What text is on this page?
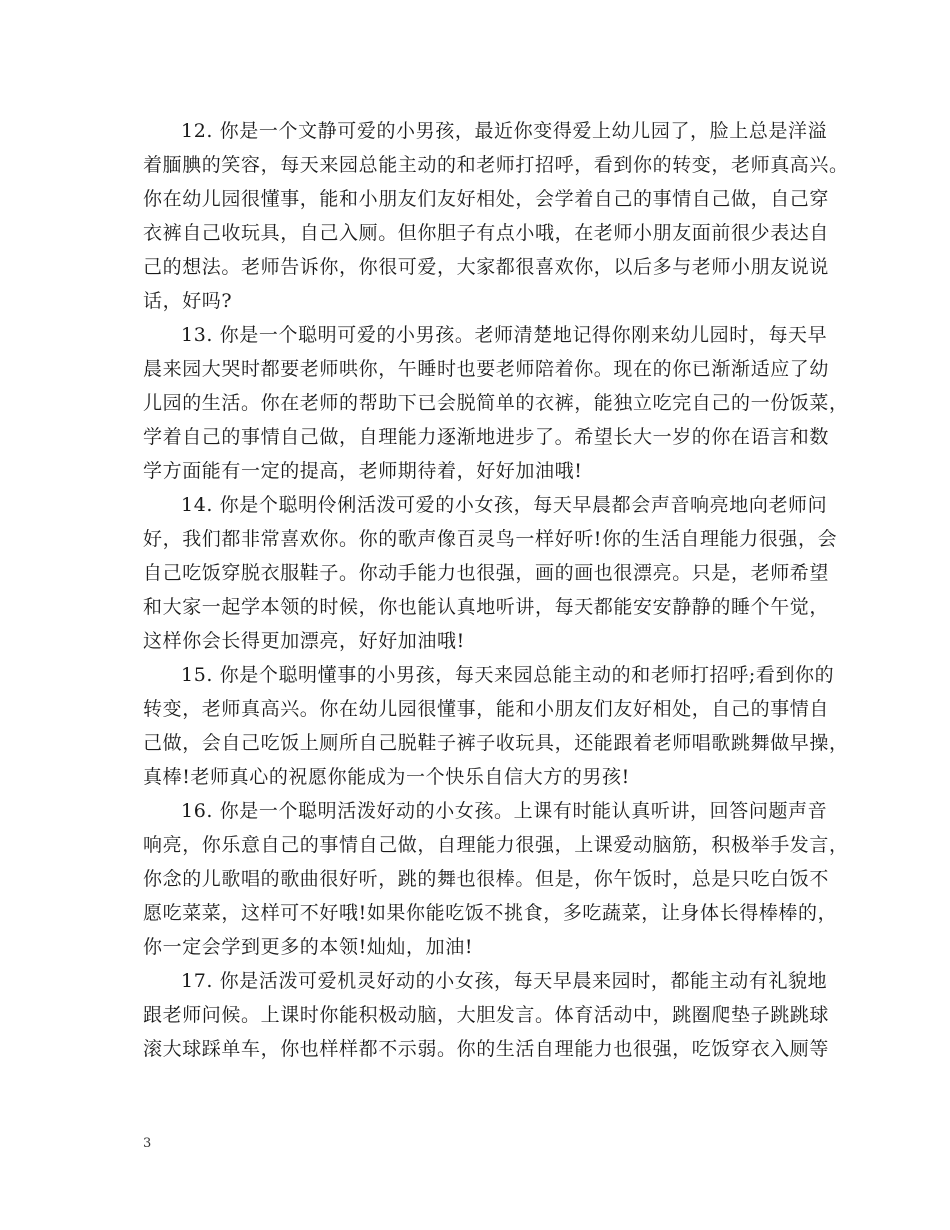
12. 你是一个文静可爱的小男孩，最近你变得爱上幼儿园了，脸上总是洋溢
着腼腆的笑容，每天来园总能主动的和老师打招呼，看到你的转变，老师真高兴。
你在幼儿园很懂事，能和小朋友们友好相处，会学着自己的事情自己做，自己穿
衣裤自己收玩具，自己入厕。但你胆子有点小哦，在老师小朋友面前很少表达自
己的想法。老师告诉你，你很可爱，大家都很喜欢你，以后多与老师小朋友说说
话，好吗?
13. 你是一个聪明可爱的小男孩。老师清楚地记得你刚来幼儿园时，每天早
晨来园大哭时都要老师哄你，午睡时也要老师陪着你。现在的你已渐渐适应了幼
儿园的生活。你在老师的帮助下已会脱简单的衣裤，能独立吃完自己的一份饭菜，
学着自己的事情自己做，自理能力逐渐地进步了。希望长大一岁的你在语言和数
学方面能有一定的提高，老师期待着，好好加油哦!
14. 你是个聪明伶俐活泼可爱的小女孩，每天早晨都会声音响亮地向老师问
好，我们都非常喜欢你。你的歌声像百灵鸟一样好听!你的生活自理能力很强，会
自己吃饭穿脱衣服鞋子。你动手能力也很强，画的画也很漂亮。只是，老师希望
和大家一起学本领的时候，你也能认真地听讲，每天都能安安静静的睡个午觉，
这样你会长得更加漂亮，好好加油哦!
15. 你是个聪明懂事的小男孩，每天来园总能主动的和老师打招呼;看到你的
转变，老师真高兴。你在幼儿园很懂事，能和小朋友们友好相处，自己的事情自
己做，会自己吃饭上厕所自己脱鞋子裤子收玩具，还能跟着老师唱歌跳舞做早操，
真棒!老师真心的祝愿你能成为一个快乐自信大方的男孩!
16. 你是一个聪明活泼好动的小女孩。上课有时能认真听讲，回答问题声音
响亮，你乐意自己的事情自己做，自理能力很强，上课爱动脑筋，积极举手发言，
你念的儿歌唱的歌曲很好听，跳的舞也很棒。但是，你午饭时，总是只吃白饭不
愿吃菜菜，这样可不好哦!如果你能吃饭不挑食，多吃蔬菜，让身体长得棒棒的，
你一定会学到更多的本领!灿灿，加油!
17. 你是活泼可爱机灵好动的小女孩，每天早晨来园时，都能主动有礼貌地
跟老师问候。上课时你能积极动脑，大胆发言。体育活动中，跳圈爬垫子跳跳球
滚大球踩单车，你也样样都不示弱。你的生活自理能力也很强，吃饭穿衣入厕等
3
